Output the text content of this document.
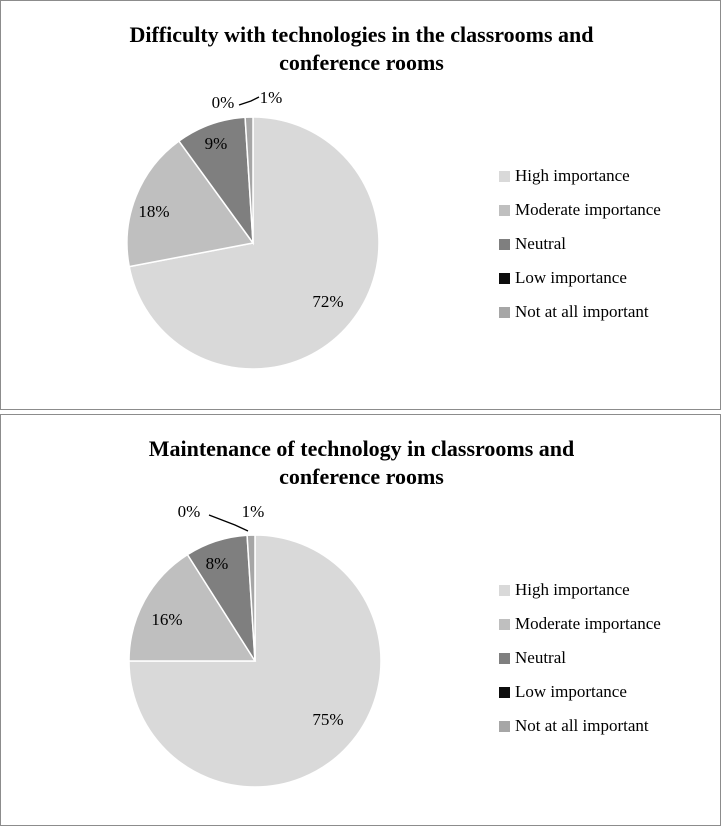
Difficulty with technologies in the classrooms and
conference rooms
72%
18%
9%
0% 1%
High importance
Moderate importance
Neutral
Low importance
Not at all important
Maintenance of technology in classrooms and
conference rooms
75%
16%
8%
0% 1%
High importance
Moderate importance
Neutral
Low importance
Not at all important
